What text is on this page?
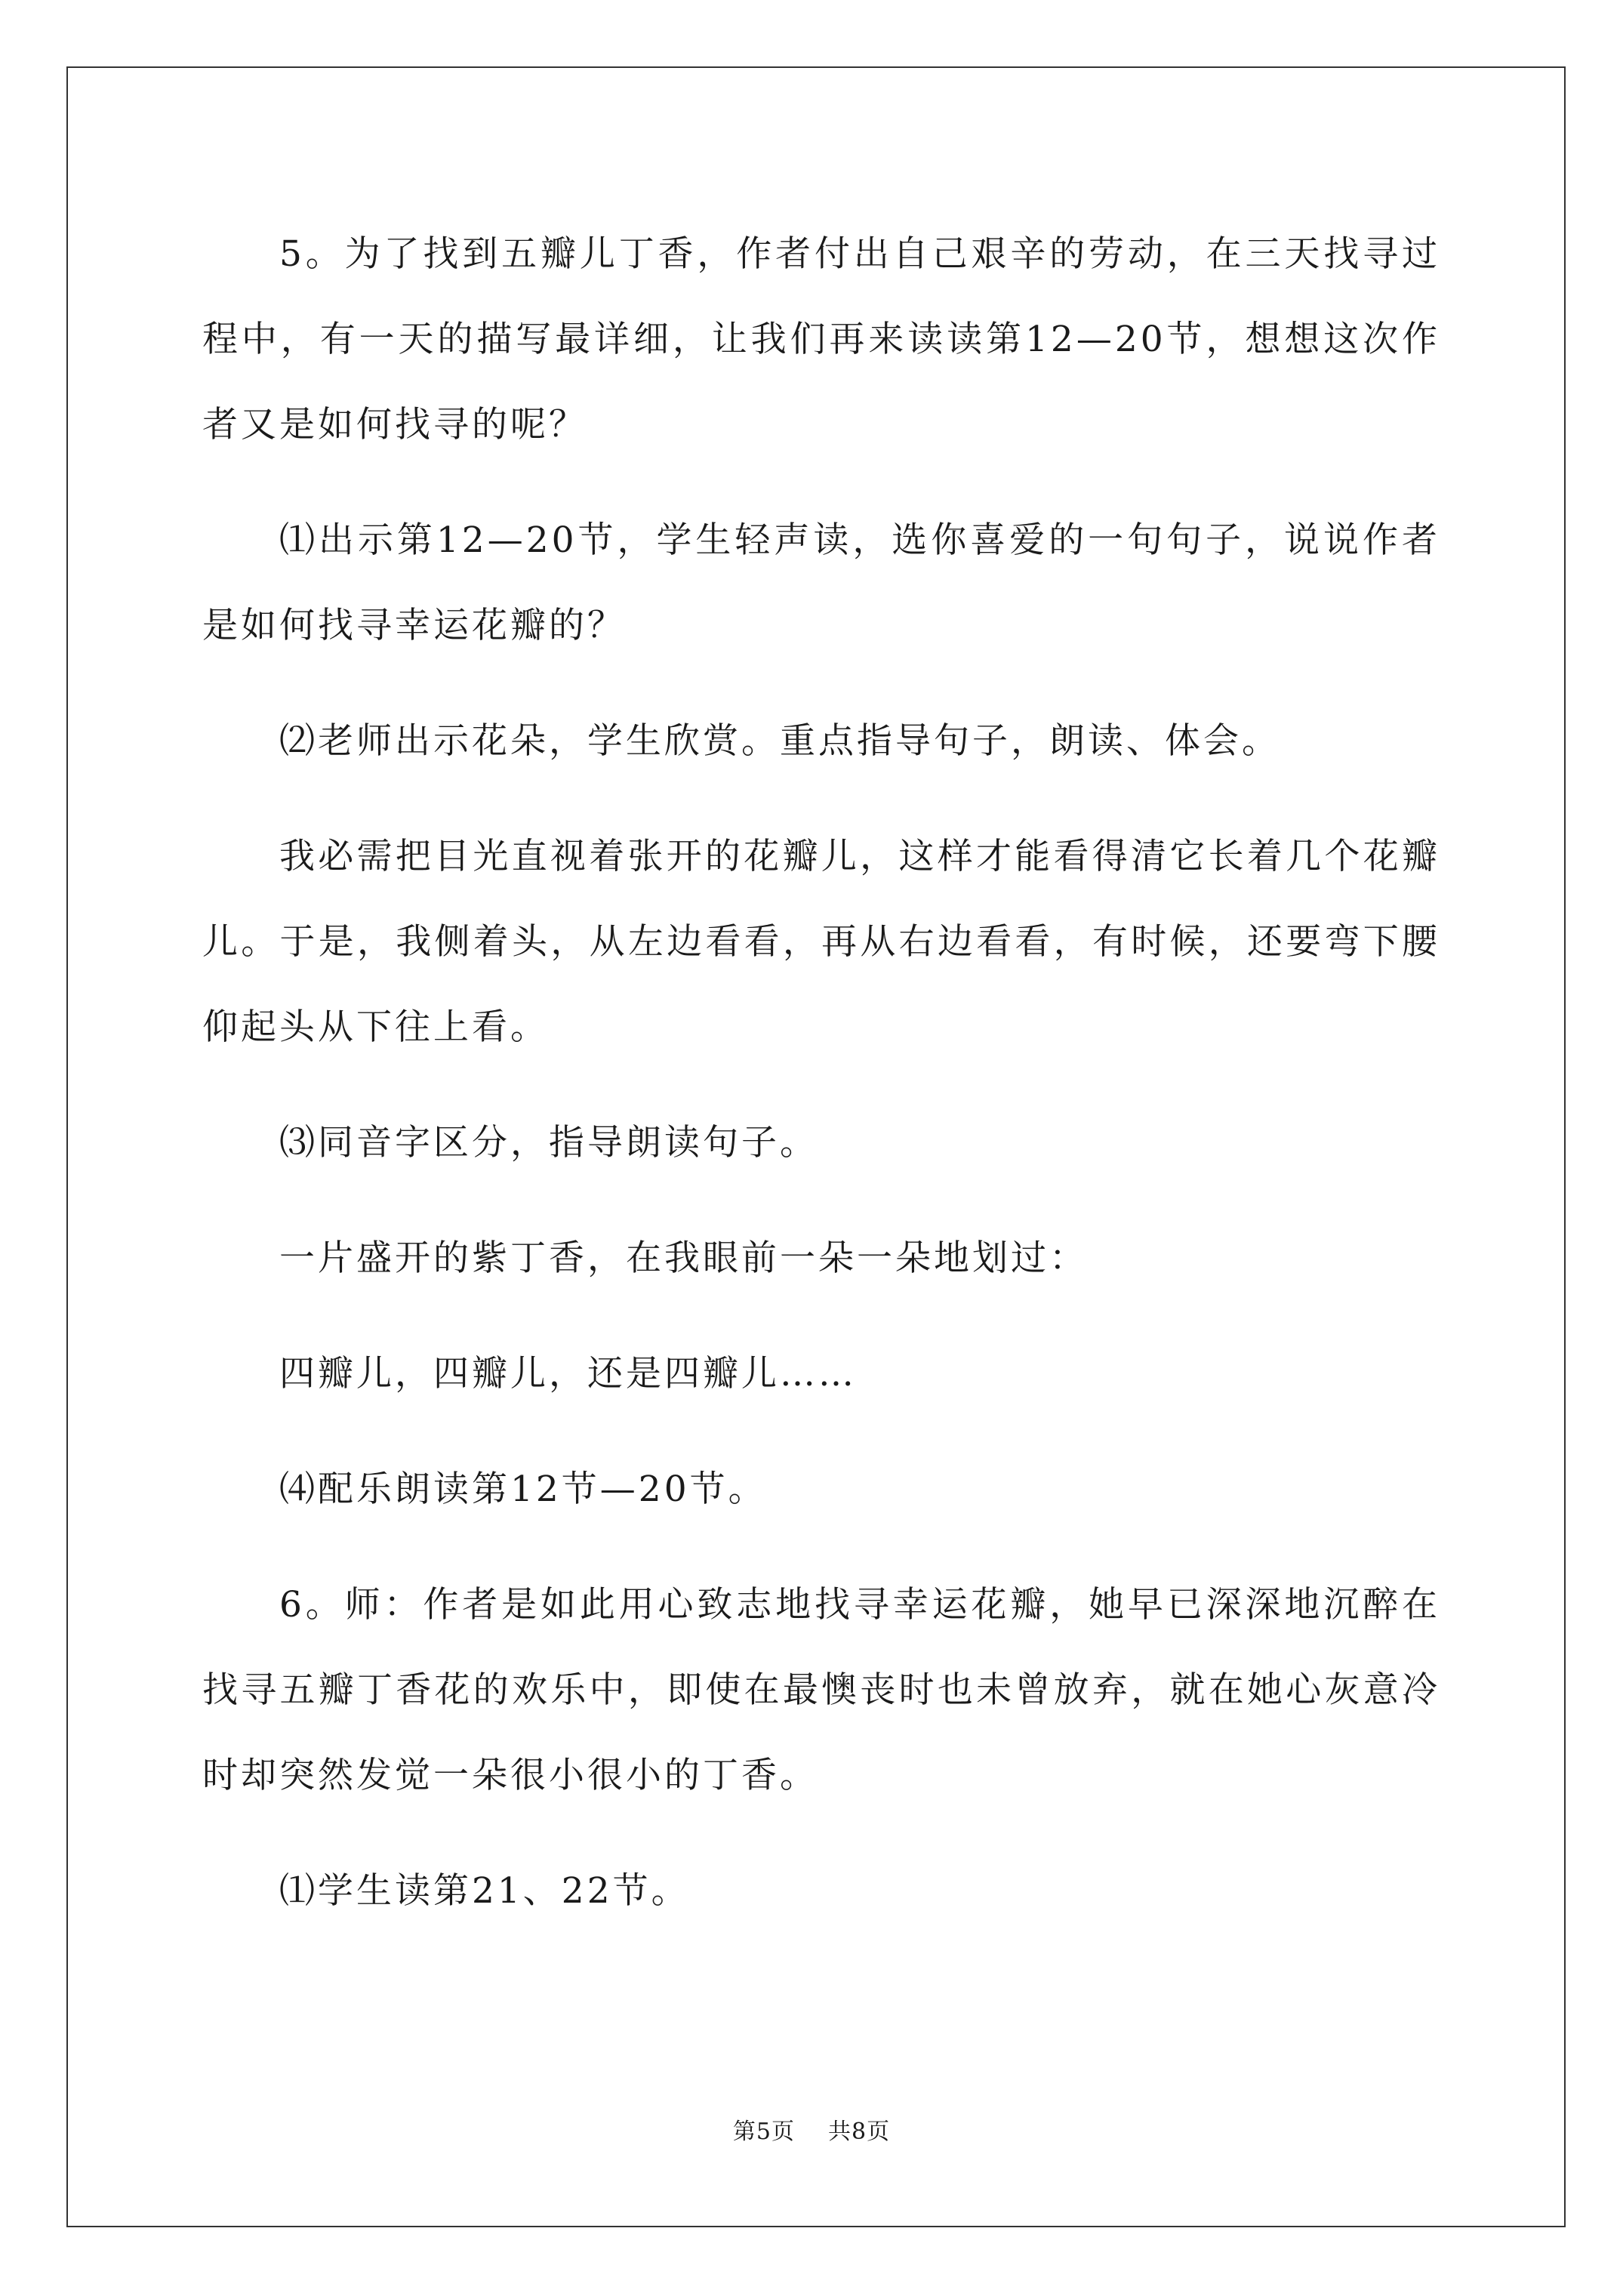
5。为了找到五瓣儿丁香，作者付出自己艰辛的劳动，在三天找寻过程中，有一天的描写最详细，让我们再来读读第12—20节，想想这次作者又是如何找寻的呢？

⑴出示第12—20节，学生轻声读，选你喜爱的一句句子，说说作者是如何找寻幸运花瓣的？

⑵老师出示花朵，学生欣赏。重点指导句子，朗读、体会。

我必需把目光直视着张开的花瓣儿，这样才能看得清它长着几个花瓣儿。于是，我侧着头，从左边看看，再从右边看看，有时候，还要弯下腰仰起头从下往上看。

⑶同音字区分，指导朗读句子。

一片盛开的紫丁香，在我眼前一朵一朵地划过：

四瓣儿，四瓣儿，还是四瓣儿……

⑷配乐朗读第12节—20节。

6。师：作者是如此用心致志地找寻幸运花瓣，她早已深深地沉醉在找寻五瓣丁香花的欢乐中，即使在最懊丧时也未曾放弃，就在她心灰意冷时却突然发觉一朵很小很小的丁香。

⑴学生读第21、22节。

第5页 共8页
